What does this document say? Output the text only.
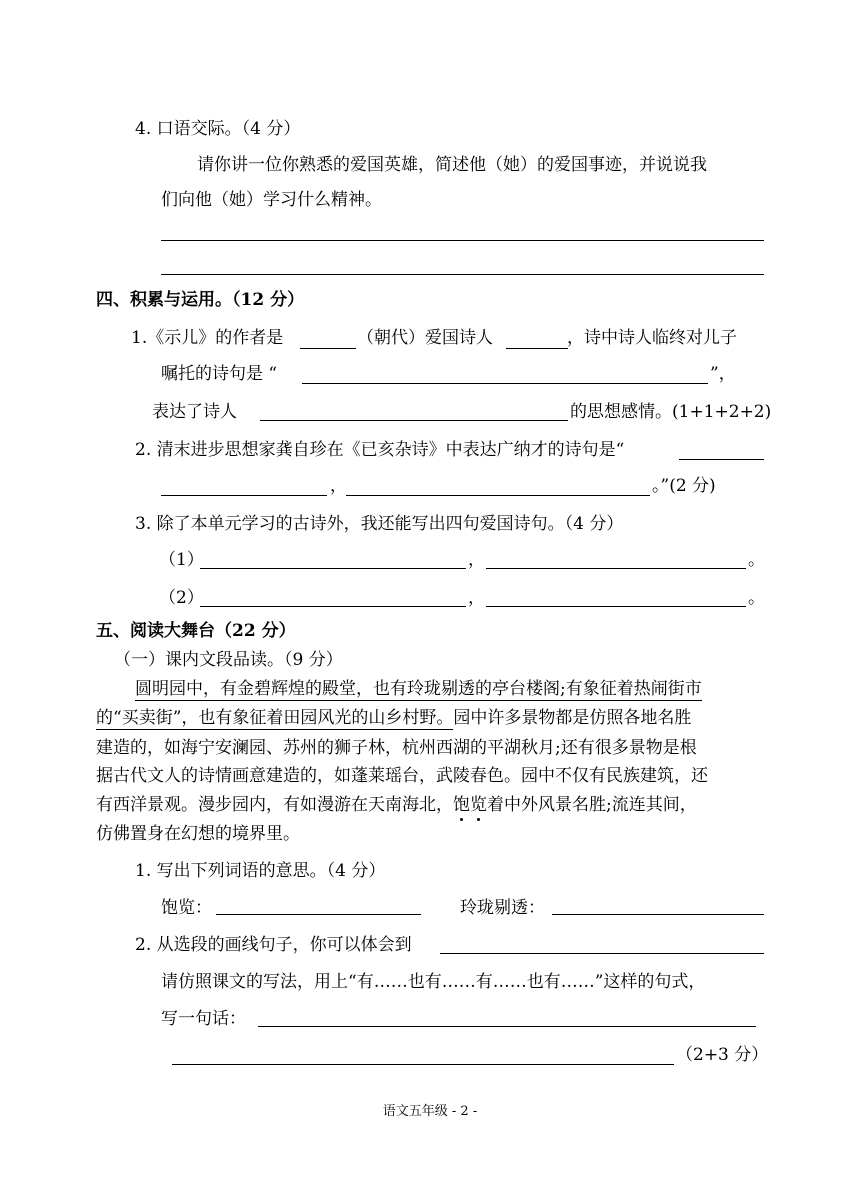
4. 口语交际。（4 分）
请你讲一位你熟悉的爱国英雄，简述他（她）的爱国事迹，并说说我
们向他（她）学习什么精神。
四、积累与运用。（12 分）
1.《示儿》的作者是	（朝代）爱国诗人	，诗中诗人临终对儿子
嘱托的诗句是 “	”，
表达了诗人	的思想感情。(1+1+2+2)
2. 清末进步思想家龚自珍在《已亥杂诗》中表达广纳才的诗句是“
，	。”(2 分)
3. 除了本单元学习的古诗外，我还能写出四句爱国诗句。（4 分）
（1）	，	。
（2）	，	。
五、阅读大舞台（22 分）
（一）课内文段品读。（9 分）
圆明园中，有金碧辉煌的殿堂，也有玲珑剔透的亭台楼阁;有象征着热闹街市
的“买卖街”，也有象征着田园风光的山乡村野。园中许多景物都是仿照各地名胜
建造的，如海宁安澜园、苏州的狮子林，杭州西湖的平湖秋月;还有很多景物是根
据古代文人的诗情画意建造的，如蓬莱瑶台，武陵春色。园中不仅有民族建筑，还
有西洋景观。漫步园内，有如漫游在天南海北，饱览着中外风景名胜;流连其间，
仿佛置身在幻想的境界里。
1. 写出下列词语的意思。（4 分）
饱览：	玲珑剔透：
2. 从选段的画线句子，你可以体会到
请仿照课文的写法，用上“有……也有……有……也有……”这样的句式，
写一句话：
（2+3 分）
语文五年级 - 2 -
